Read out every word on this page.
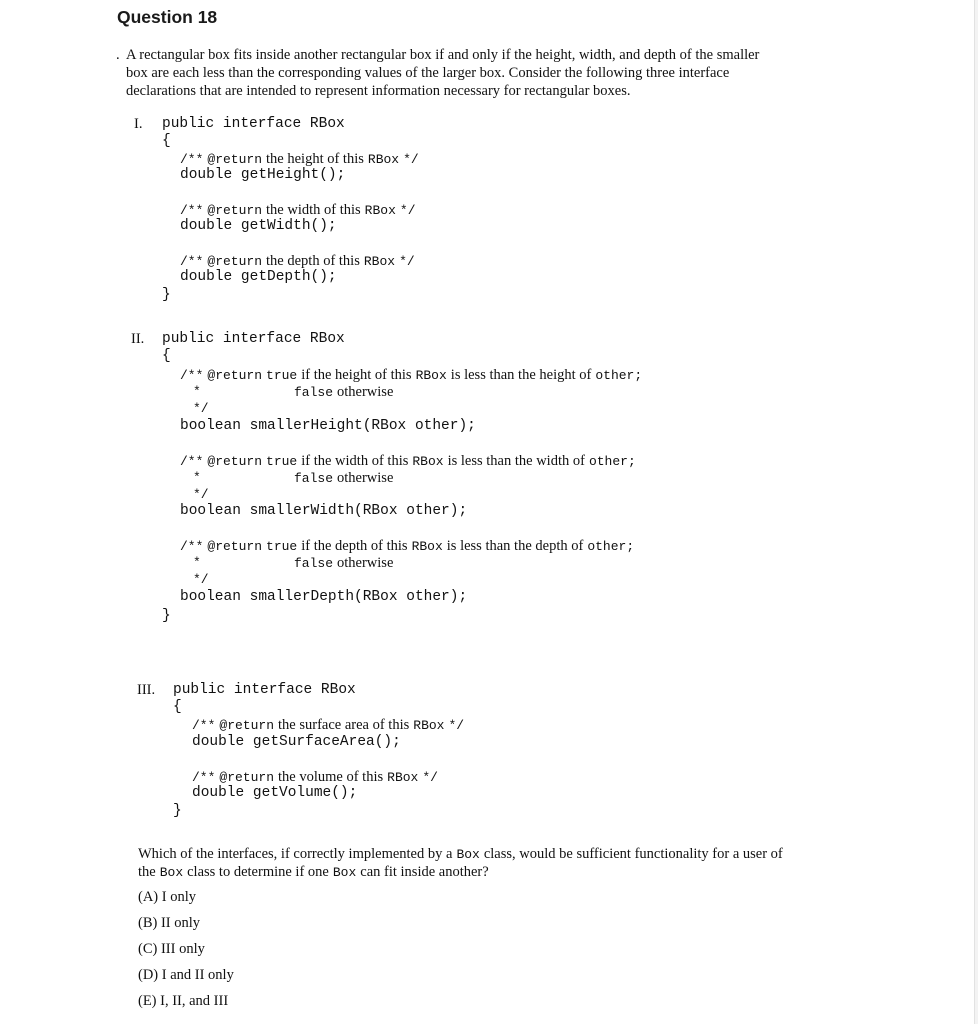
Question 18
. A rectangular box fits inside another rectangular box if and only if the height, width, and depth of the smaller
box are each less than the corresponding values of the larger box. Consider the following three interface
declarations that are intended to represent information necessary for rectangular boxes.
I. public interface RBox
{
/** @return the height of this RBox */
double getHeight();
/** @return the width of this RBox */
double getWidth();
/** @return the depth of this RBox */
double getDepth();
}
II. public interface RBox
{
/** @return true if the height of this RBox is less than the height of other;
*	false otherwise
*/
boolean smallerHeight(RBox other);
/** @return true if the width of this RBox is less than the width of other;
*	false otherwise
*/
boolean smallerWidth(RBox other);
/** @return true if the depth of this RBox is less than the depth of other;
*	false otherwise
*/
boolean smallerDepth(RBox other);
}
III. public interface RBox
{
/** @return the surface area of this RBox */
double getSurfaceArea();
/** @return the volume of this RBox */
double getVolume();
}
Which of the interfaces, if correctly implemented by a Box class, would be sufficient functionality for a user of
the Box class to determine if one Box can fit inside another?
(A) I only
(B) II only
(C) III only
(D) I and II only
(E) I, II, and III
